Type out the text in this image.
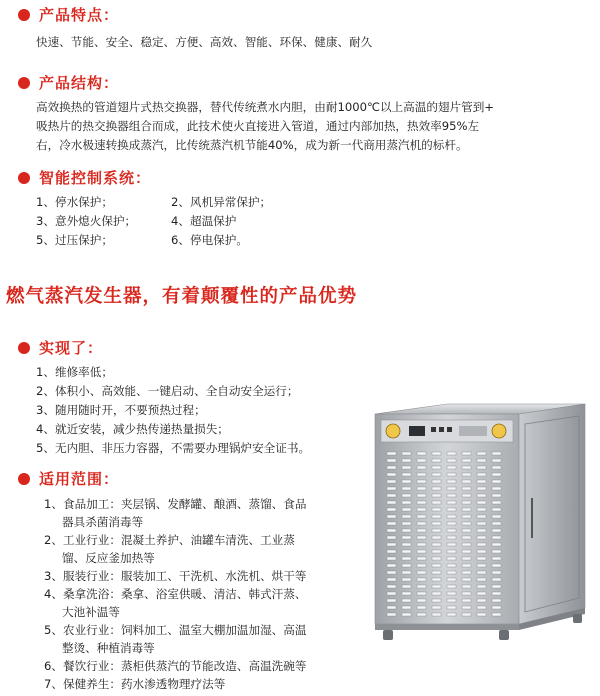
产品特点：
快速、节能、安全、稳定、方便、高效、智能、环保、健康、耐久
产品结构：
高效换热的管道翅片式热交换器，替代传统煮水内胆，由耐1000℃以上高温的翅片管到+
吸热片的热交换器组合而成，此技术使火直接进入管道，通过内部加热，热效率95%左
右，冷水极速转换成蒸汽，比传统蒸汽机节能40%，成为新一代商用蒸汽机的标杆。
智能控制系统：
1、停水保护；	2、风机异常保护；
3、意外熄火保护；	4、超温保护
5、过压保护；	6、停电保护。
燃气蒸汽发生器，有着颠覆性的产品优势
实现了：
1、维修率低；
2、体积小、高效能、一键启动、全自动安全运行；
3、随用随时开，不要预热过程；
4、就近安装，减少热传递热量损失；
5、无内胆、非压力容器，不需要办理锅炉安全证书。
适用范围：
1、食品加工：夹层锅、发酵罐、酿酒、蒸馏、食品
器具杀菌消毒等
2、工业行业：混凝土养护、油罐车清洗、工业蒸
馏、反应釜加热等
3、服装行业：服装加工、干洗机、水洗机、烘干等
4、桑拿洗浴：桑拿、浴室供暖、清洁、韩式汗蒸、
大池补温等
5、农业行业：饲料加工、温室大棚加温加湿、高温
整烫、种植消毒等
6、餐饮行业：蒸柜供蒸汽的节能改造、高温洗碗等
7、保健养生：药水渗透物理疗法等
